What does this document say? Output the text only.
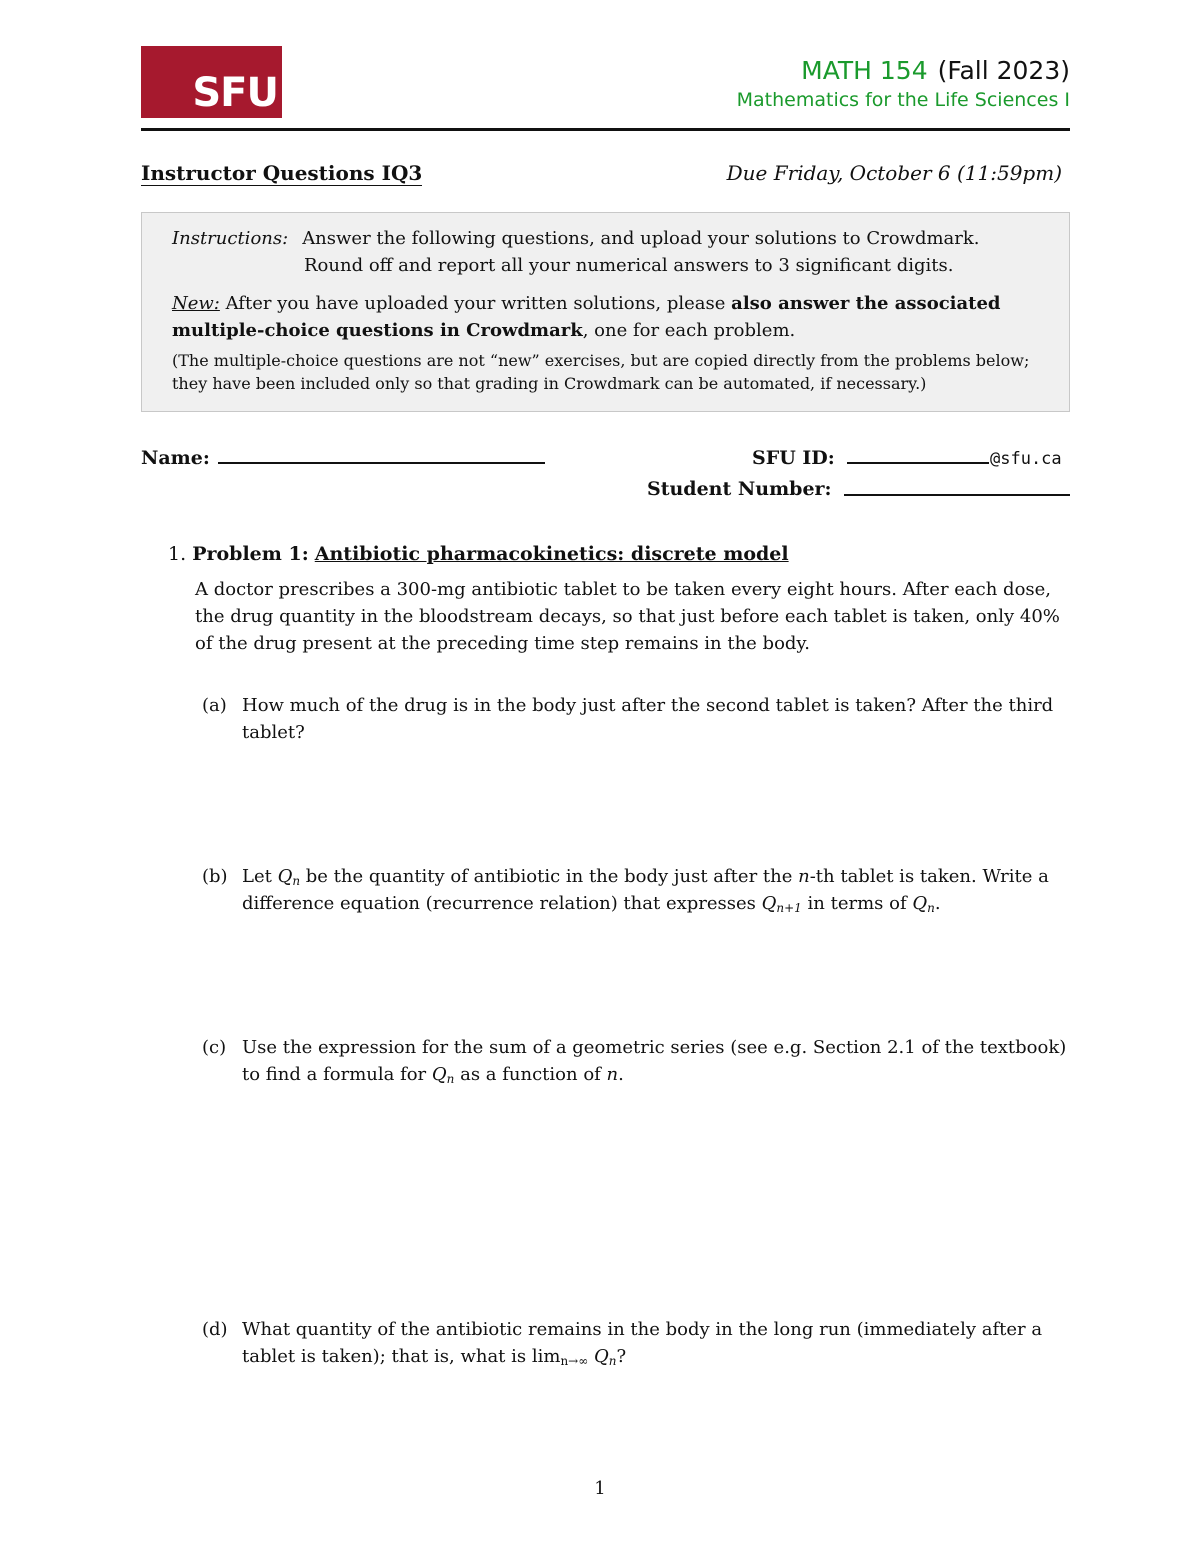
SFU	MATH 154 (Fall 2023)
Mathematics for the Life Sciences I
Instructor Questions IQ3	Due Friday, October 6 (11:59pm)
Instructions: Answer the following questions, and upload your solutions to Crowdmark.
Round off and report all your numerical answers to 3 significant digits.
New: After you have uploaded your written solutions, please also answer the associated multiple-choice questions in Crowdmark, one for each problem.
(The multiple-choice questions are not “new” exercises, but are copied directly from the problems below; they have been included only so that grading in Crowdmark can be automated, if necessary.)
Name:	SFU ID:	@sfu.ca
Student Number:
1. Problem 1: Antibiotic pharmacokinetics: discrete model
A doctor prescribes a 300-mg antibiotic tablet to be taken every eight hours. After each dose, the drug quantity in the bloodstream decays, so that just before each tablet is taken, only 40% of the drug present at the preceding time step remains in the body.
(a) How much of the drug is in the body just after the second tablet is taken? After the third tablet?
(b) Let $Q_n$ be the quantity of antibiotic in the body just after the n-th tablet is taken. Write a difference equation (recurrence relation) that expresses $Q_{n+1}$ in terms of $Q_n$.
(c) Use the expression for the sum of a geometric series (see e.g. Section 2.1 of the textbook) to find a formula for $Q_n$ as a function of n.
(d) What quantity of the antibiotic remains in the body in the long run (immediately after a tablet is taken); that is, what is $\lim_{n\to\infty} Q_n$?
1
